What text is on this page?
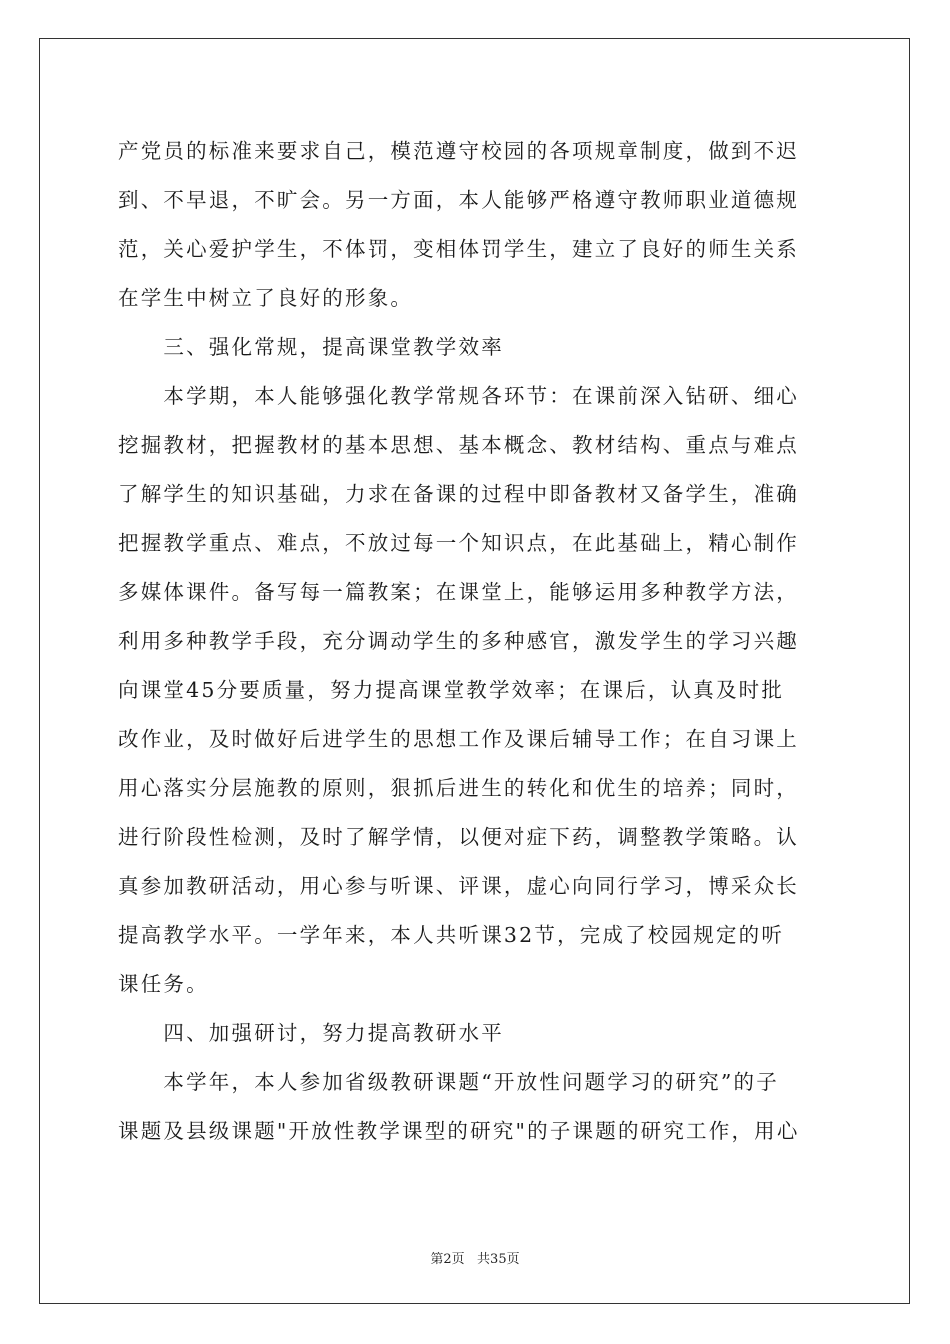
产党员的标准来要求自己，模范遵守校园的各项规章制度，做到不迟
到、不早退，不旷会。另一方面，本人能够严格遵守教师职业道德规
范，关心爱护学生，不体罚，变相体罚学生，建立了良好的师生关系
在学生中树立了良好的形象。
　　三、强化常规，提高课堂教学效率
　　本学期，本人能够强化教学常规各环节：在课前深入钻研、细心
挖掘教材，把握教材的基本思想、基本概念、教材结构、重点与难点
了解学生的知识基础，力求在备课的过程中即备教材又备学生，准确
把握教学重点、难点，不放过每一个知识点，在此基础上，精心制作
多媒体课件。备写每一篇教案；在课堂上，能够运用多种教学方法，
利用多种教学手段，充分调动学生的多种感官，激发学生的学习兴趣
向课堂45分要质量，努力提高课堂教学效率；在课后，认真及时批
改作业，及时做好后进学生的思想工作及课后辅导工作；在自习课上
用心落实分层施教的原则，狠抓后进生的转化和优生的培养；同时，
进行阶段性检测，及时了解学情，以便对症下药，调整教学策略。认
真参加教研活动，用心参与听课、评课，虚心向同行学习，博采众长
提高教学水平。一学年来，本人共听课32节，完成了校园规定的听
课任务。
　　四、加强研讨，努力提高教研水平
　　本学年，本人参加省级教研课题“开放性问题学习的研究”的子
课题及县级课题"开放性教学课型的研究"的子课题的研究工作，用心
第2页   共35页
